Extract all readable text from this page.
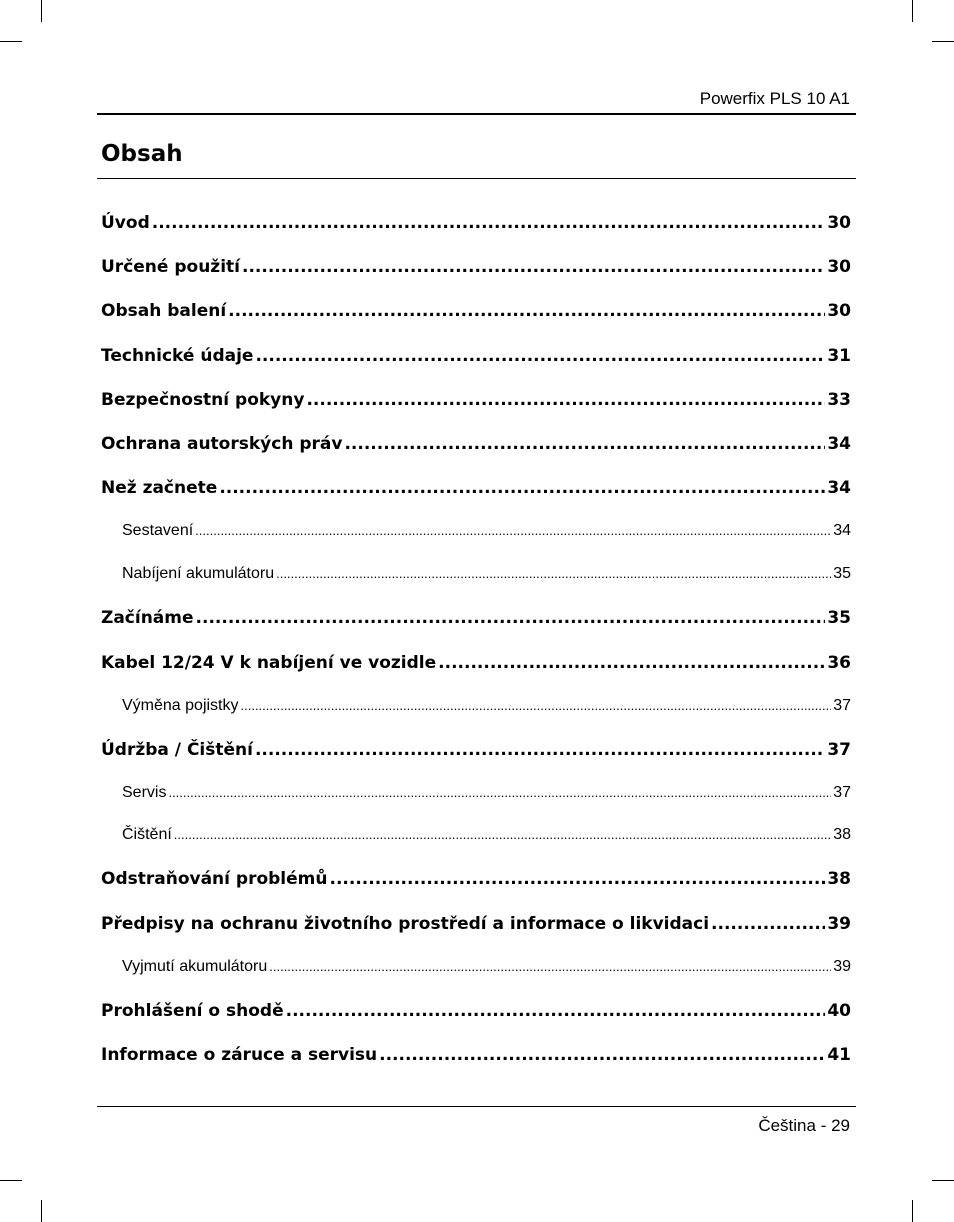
Powerfix PLS 10 A1
Obsah
Úvod .....	30
Určené použití .....	30
Obsah balení .....	30
Technické údaje .....	31
Bezpečnostní pokyny .....	33
Ochrana autorských práv .....	34
Než začnete .....	34
Sestavení .....	34
Nabíjení akumulátoru .....	35
Začínáme .....	35
Kabel 12/24 V k nabíjení ve vozidle .....	36
Výměna pojistky .....	37
Údržba / Čištění .....	37
Servis .....	37
Čištění .....	38
Odstraňování problémů .....	38
Předpisy na ochranu životního prostředí a informace o likvidaci .....	39
Vyjmutí akumulátoru .....	39
Prohlášení o shodě .....	40
Informace o záruce a servisu .....	41
Čeština - 29
